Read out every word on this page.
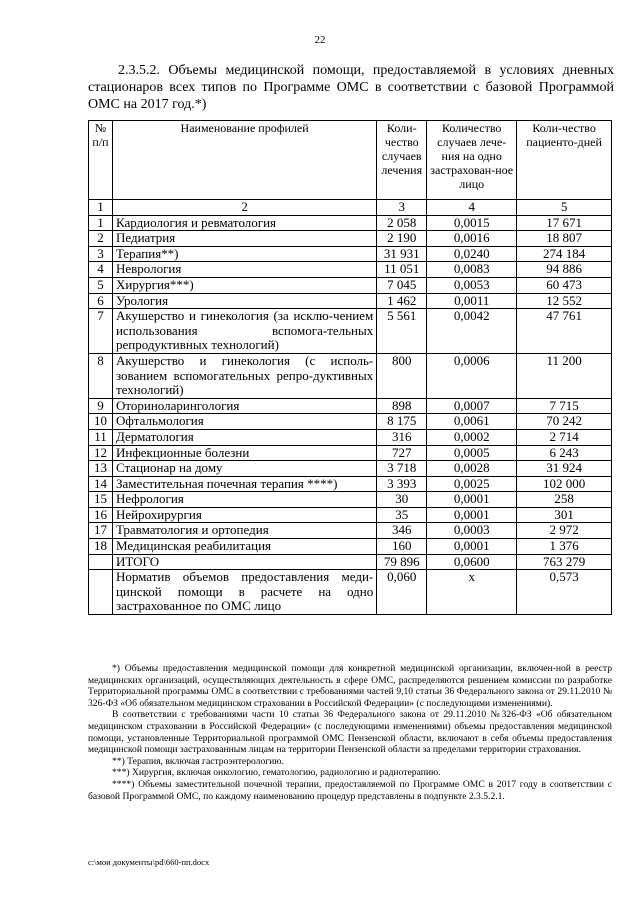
22
2.3.5.2. Объемы медицинской помощи, предоставляемой в условиях дневных стационаров всех типов по Программе ОМС в соответствии с базовой Программой ОМС на 2017 год.*)
№ п/п	Наименование профилей	Коли-чество случаев лечения	Количество случаев лече-ния на одно застрахован-ное лицо	Коли-чество пациенто-дней
1	2	3	4	5
1	Кардиология и ревматология	2 058	0,0015	17 671
2	Педиатрия	2 190	0,0016	18 807
3	Терапия**)	31 931	0,0240	274 184
4	Неврология	11 051	0,0083	94 886
5	Хирургия***)	7 045	0,0053	60 473
6	Урология	1 462	0,0011	12 552
7	Акушерство и гинекология (за исклю-чением использования вспомога-тельных репродуктивных технологий)	5 561	0,0042	47 761
8	Акушерство и гинекология (с исполь-зованием вспомогательных репро-дуктивных технологий)	800	0,0006	11 200
9	Оториноларингология	898	0,0007	7 715
10	Офтальмология	8 175	0,0061	70 242
11	Дерматология	316	0,0002	2 714
12	Инфекционные болезни	727	0,0005	6 243
13	Стационар на дому	3 718	0,0028	31 924
14	Заместительная почечная терапия ****)	3 393	0,0025	102 000
15	Нефрология	30	0,0001	258
16	Нейрохирургия	35	0,0001	301
17	Травматология и ортопедия	346	0,0003	2 972
18	Медицинская реабилитация	160	0,0001	1 376
	ИТОГО	79 896	0,0600	763 279
	Норматив объемов предоставления меди-цинской помощи в расчете на одно застрахованное по ОМС лицо	0,060	х	0,573

*) Объемы предоставления медицинской помощи для конкретной медицинской организации, включен-ной в реестр медицинских организаций, осуществляющих деятельность в сфере ОМС, распределяются решением комиссии по разработке Территориальной программы ОМС в соответствии с требованиями частей 9,10 статьи 36 Федерального закона от 29.11.2010 № 326-ФЗ «Об обязательном медицинском страховании в Российской Федерации» (с последующими изменениями).

В соответствии с требованиями части 10 статьи 36 Федерального закона от 29.11.2010 №326-ФЗ «Об обязательном медицинском страховании в Российской Федерации» (с последующими изменениями) объемы предоставления медицинской помощи, установленные Территориальной программой ОМС Пензенской области, включают в себя объемы предоставления медицинской помощи застрахованным лицам на территории Пензенской области за пределами территории страхования.

**) Терапия, включая гастроэнтерологию.

***) Хирургия, включая онкологию, гематологию, радиологию и радиотерапию.

****) Объемы заместительной почечной терапии, предоставляемой по Программе ОМС в 2017 году в соответствии с базовой Программой ОМС, по каждому наименованию процедур представлены в подпункте 2.3.5.2.1.

c:\мои документы\pd\660-пп.docx
